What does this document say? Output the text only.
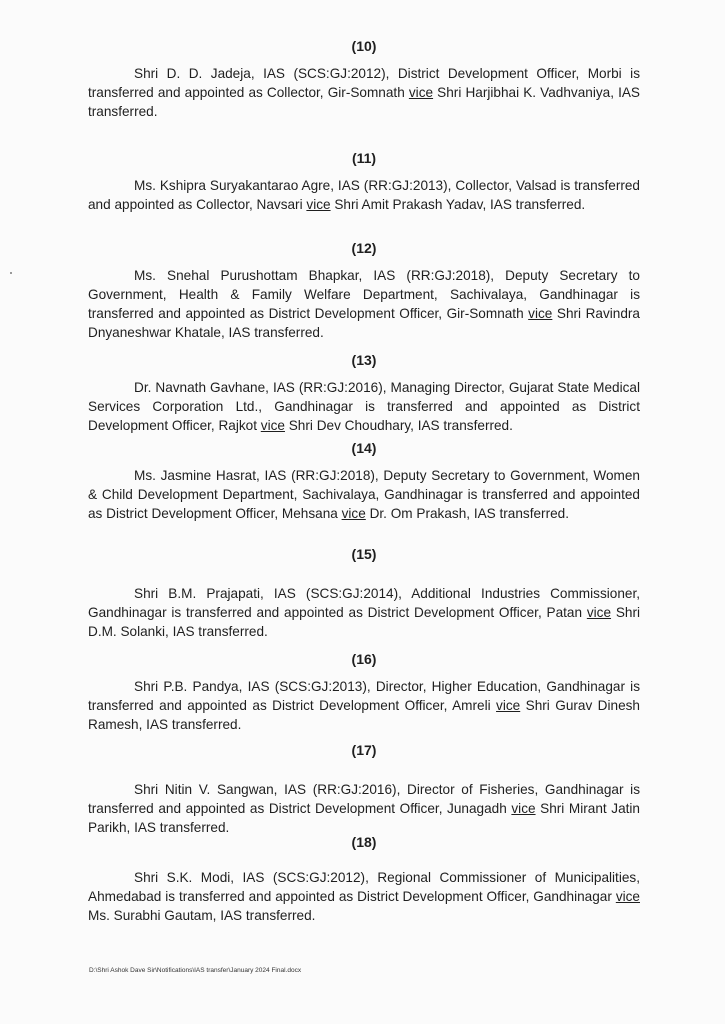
(10)

Shri D. D. Jadeja, IAS (SCS:GJ:2012), District Development Officer, Morbi is transferred and appointed as Collector, Gir-Somnath vice Shri Harjibhai K. Vadhvaniya, IAS transferred.

(11)

Ms. Kshipra Suryakantarao Agre, IAS (RR:GJ:2013), Collector, Valsad is transferred and appointed as Collector, Navsari vice Shri Amit Prakash Yadav, IAS transferred.

(12)

Ms. Snehal Purushottam Bhapkar, IAS (RR:GJ:2018), Deputy Secretary to Government, Health & Family Welfare Department, Sachivalaya, Gandhinagar is transferred and appointed as District Development Officer, Gir-Somnath vice Shri Ravindra Dnyaneshwar Khatale, IAS transferred.

(13)

Dr. Navnath Gavhane, IAS (RR:GJ:2016), Managing Director, Gujarat State Medical Services Corporation Ltd., Gandhinagar is transferred and appointed as District Development Officer, Rajkot vice Shri Dev Choudhary, IAS transferred.

(14)

Ms. Jasmine Hasrat, IAS (RR:GJ:2018), Deputy Secretary to Government, Women & Child Development Department, Sachivalaya, Gandhinagar is transferred and appointed as District Development Officer, Mehsana vice Dr. Om Prakash, IAS transferred.

(15)

Shri B.M. Prajapati, IAS (SCS:GJ:2014), Additional Industries Commissioner, Gandhinagar is transferred and appointed as District Development Officer, Patan vice Shri D.M. Solanki, IAS transferred.

(16)

Shri P.B. Pandya, IAS (SCS:GJ:2013), Director, Higher Education, Gandhinagar is transferred and appointed as District Development Officer, Amreli vice Shri Gurav Dinesh Ramesh, IAS transferred.

(17)

Shri Nitin V. Sangwan, IAS (RR:GJ:2016), Director of Fisheries, Gandhinagar is transferred and appointed as District Development Officer, Junagadh vice Shri Mirant Jatin Parikh, IAS transferred.

(18)

Shri S.K. Modi, IAS (SCS:GJ:2012), Regional Commissioner of Municipalities, Ahmedabad is transferred and appointed as District Development Officer, Gandhinagar vice Ms. Surabhi Gautam, IAS transferred.

D:\Shri Ashok Dave Sir\Notifications\IAS transfer\January 2024 Final.docx
